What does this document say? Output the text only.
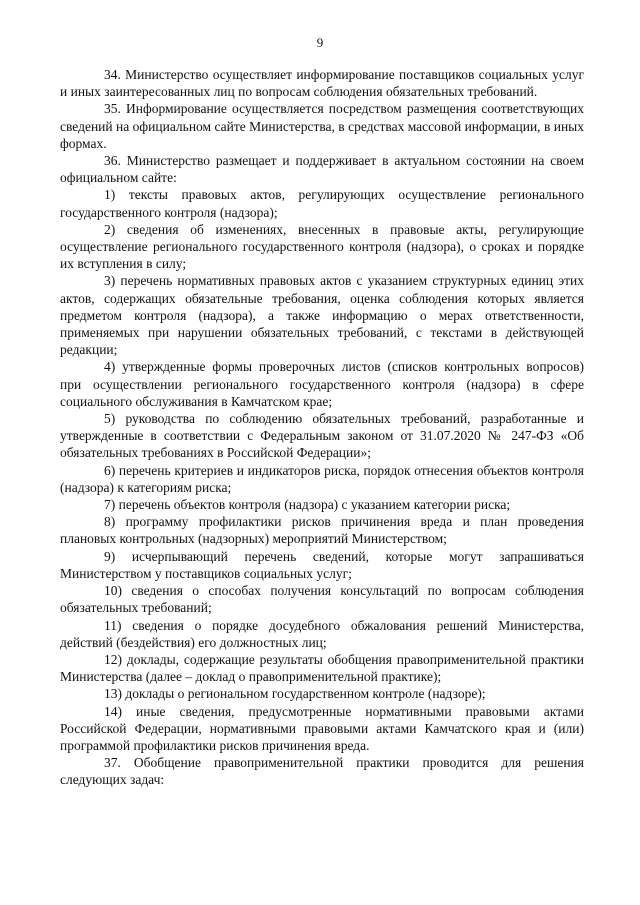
9

34. Министерство осуществляет информирование поставщиков социальных услуг и иных заинтересованных лиц по вопросам соблюдения обязательных требований.

35. Информирование осуществляется посредством размещения соответствующих сведений на официальном сайте Министерства, в средствах массовой информации, в иных формах.

36. Министерство размещает и поддерживает в актуальном состоянии на своем официальном сайте:

1) тексты правовых актов, регулирующих осуществление регионального государственного контроля (надзора);

2) сведения об изменениях, внесенных в правовые акты, регулирующие осуществление регионального государственного контроля (надзора), о сроках и порядке их вступления в силу;

3) перечень нормативных правовых актов с указанием структурных единиц этих актов, содержащих обязательные требования, оценка соблюдения которых является предметом контроля (надзора), а также информацию о мерах ответственности, применяемых при нарушении обязательных требований, с текстами в действующей редакции;

4) утвержденные формы проверочных листов (списков контрольных вопросов) при осуществлении регионального государственного контроля (надзора) в сфере социального обслуживания в Камчатском крае;

5) руководства по соблюдению обязательных требований, разработанные и утвержденные в соответствии с Федеральным законом от 31.07.2020 № 247-ФЗ «Об обязательных требованиях в Российской Федерации»;

6) перечень критериев и индикаторов риска, порядок отнесения объектов контроля (надзора) к категориям риска;

7) перечень объектов контроля (надзора) с указанием категории риска;

8) программу профилактики рисков причинения вреда и план проведения плановых контрольных (надзорных) мероприятий Министерством;

9) исчерпывающий перечень сведений, которые могут запрашиваться Министерством у поставщиков социальных услуг;

10) сведения о способах получения консультаций по вопросам соблюдения обязательных требований;

11) сведения о порядке досудебного обжалования решений Министерства, действий (бездействия) его должностных лиц;

12) доклады, содержащие результаты обобщения правоприменительной практики Министерства (далее – доклад о правоприменительной практике);

13) доклады о региональном государственном контроле (надзоре);

14) иные сведения, предусмотренные нормативными правовыми актами Российской Федерации, нормативными правовыми актами Камчатского края и (или) программой профилактики рисков причинения вреда.

37. Обобщение правоприменительной практики проводится для решения следующих задач:
